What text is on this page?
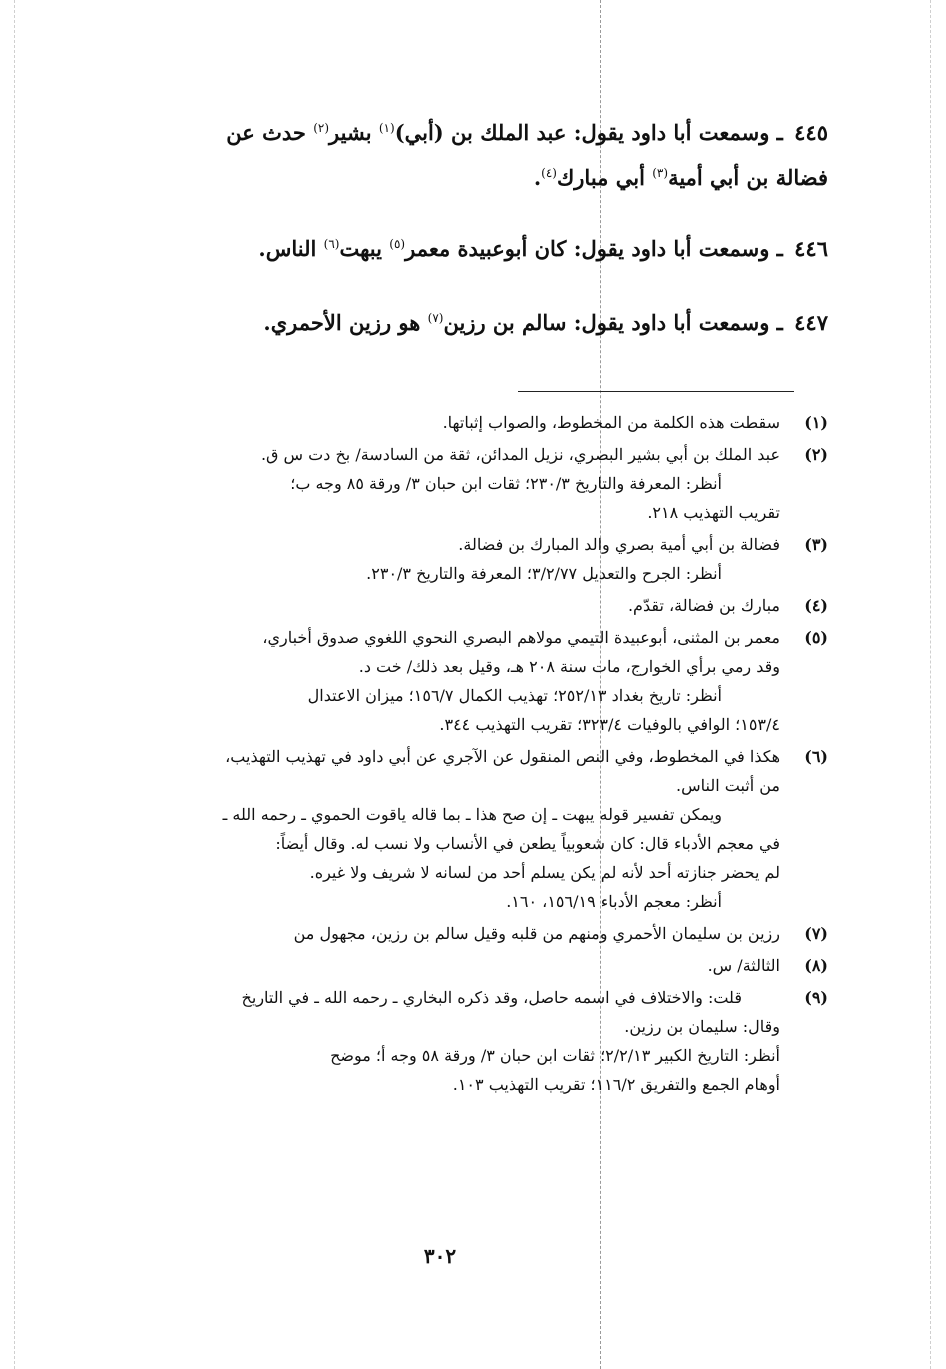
٤٤٥ ـ وسمعت أبا داود يقول: عبد الملك بن (أبي)$^{(١)}$ بشير$^{(٢)}$ حدث عن
فضالة بن أبي أمية$^{(٣)}$ أبي مبارك$^{(٤)}$.
٤٤٦ ـ وسمعت أبا داود يقول: كان أبوعبيدة معمر$^{(٥)}$ يبهت$^{(٦)}$ الناس.
٤٤٧ ـ وسمعت أبا داود يقول: سالم بن رزين$^{(٧)}$ هو رزين الأحمري.
(١)
سقطت هذه الكلمة من المخطوط، والصواب إثباتها.
(٢)
عبد الملك بن أبي بشير البصري، نزيل المدائن، ثقة من السادسة/ بخ دت س ق.
أنظر: المعرفة والتاريخ ٢٣٠/٣؛ ثقات ابن حبان ٣/ ورقة ٨٥ وجه ب؛
تقريب التهذيب ٢١٨.
(٣)
فضالة بن أبي أمية بصري والد المبارك بن فضالة.
أنظر: الجرح والتعديل ٣/٢/٧٧؛ المعرفة والتاريخ ٢٣٠/٣.
(٤)
مبارك بن فضالة، تقدّم.
(٥)
معمر بن المثنى، أبوعبيدة التيمي مولاهم البصري النحوي اللغوي صدوق أخباري،
وقد رمي برأي الخوارج، مات سنة ٢٠٨ هـ، وقيل بعد ذلك/ خت د.
أنظر: تاريخ بغداد ٢٥٢/١٣؛ تهذيب الكمال ١٥٦/٧؛ ميزان الاعتدال
١٥٣/٤؛ الوافي بالوفيات ٣٢٣/٤؛ تقريب التهذيب ٣٤٤.
(٦)
هكذا في المخطوط، وفي النص المنقول عن الآجري عن أبي داود في تهذيب التهذيب،
من أثبت الناس.
ويمكن تفسير قوله يبهت ـ إن صح هذا ـ بما قاله ياقوت الحموي ـ رحمه الله ـ
في معجم الأدباء قال: كان شعوبياً يطعن في الأنساب ولا نسب له. وقال أيضاً:
لم يحضر جنازته أحد لأنه لم يكن يسلم أحد من لسانه لا شريف ولا غيره.
أنظر: معجم الأدباء ١٥٦/١٩، ١٦٠.
(٧)
رزين بن سليمان الأحمري ومنهم من قلبه وقيل سالم بن رزين، مجهول من
(٨)
الثالثة/ س.
(٩)
قلت: والاختلاف في اسمه حاصل، وقد ذكره البخاري ـ رحمه الله ـ في التاريخ
وقال: سليمان بن رزين.
أنظر: التاريخ الكبير ٢/٢/١٣؛ ثقات ابن حبان ٣/ ورقة ٥٨ وجه أ؛ موضح
أوهام الجمع والتفريق ١١٦/٢؛ تقريب التهذيب ١٠٣.
٣٠٢
